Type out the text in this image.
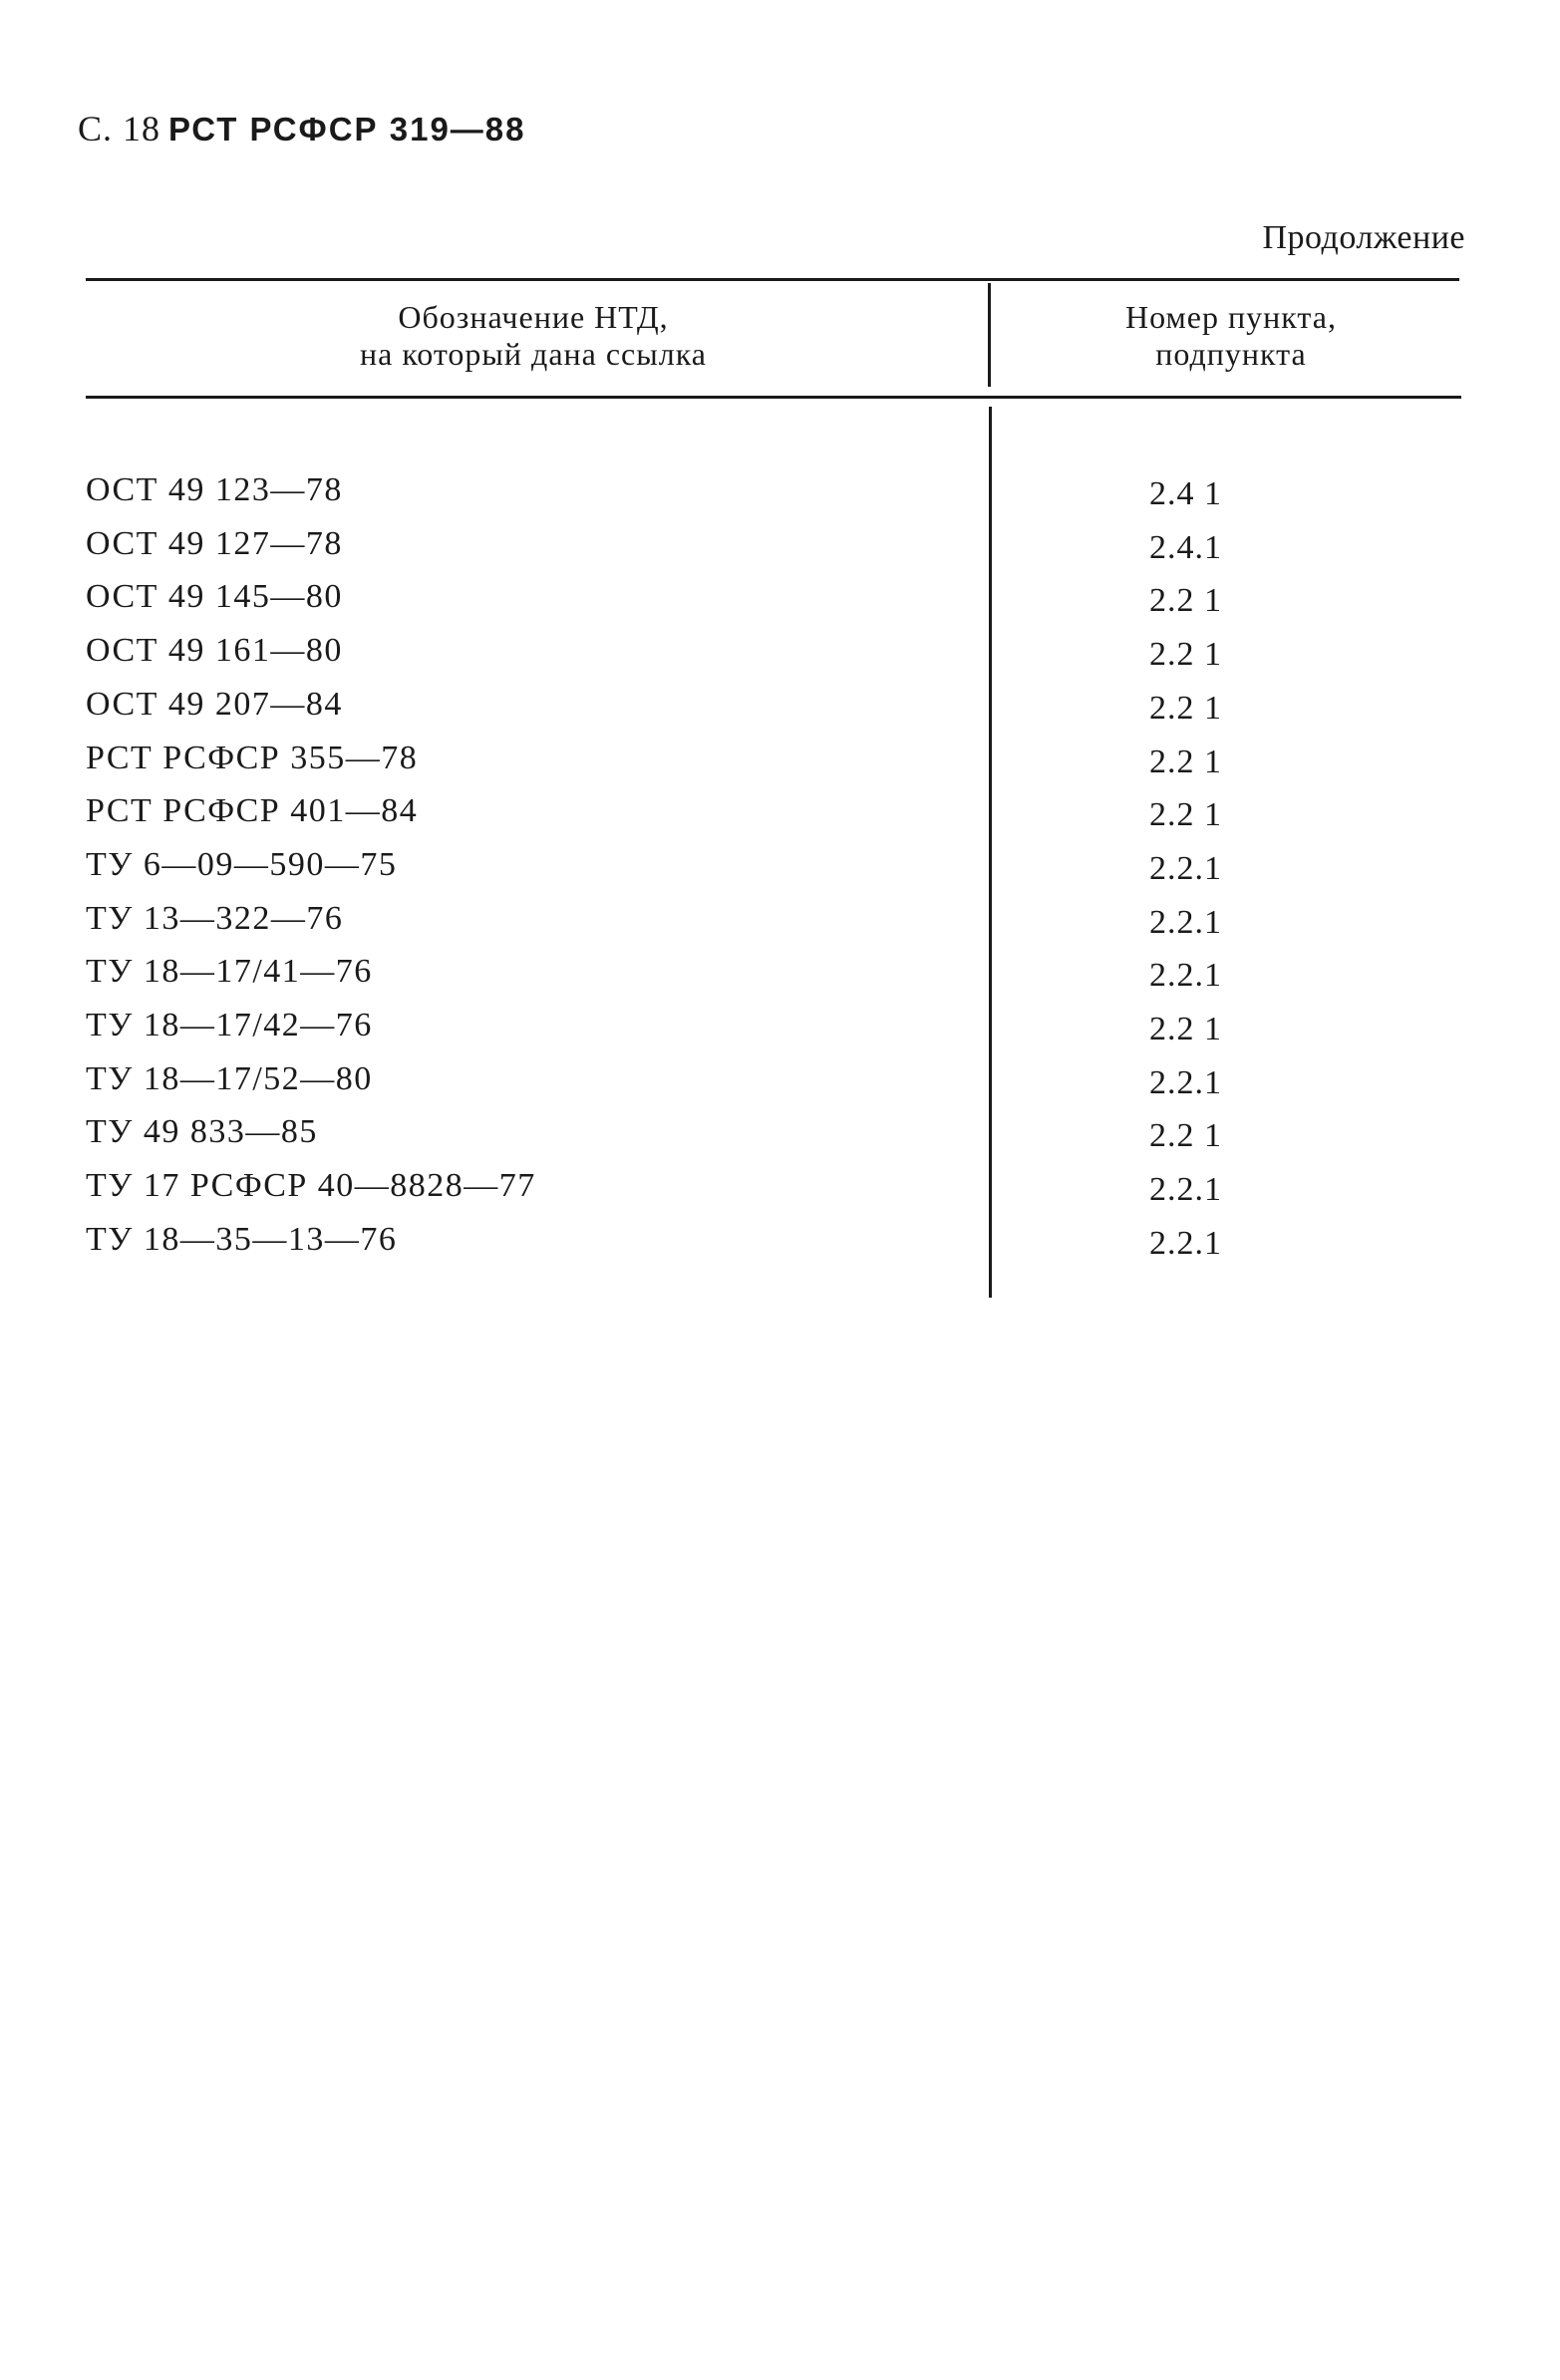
С. 18 РСТ РСФСР 319—88
Продолжение
Обозначение НТД,
на который дана ссылка
Номер пункта,
подпункта
ОСТ 49 123—78	2.4 1
ОСТ 49 127—78	2.4.1
ОСТ 49 145—80	2.2 1
ОСТ 49 161—80	2.2 1
ОСТ 49 207—84	2.2 1
РСТ РСФСР 355—78	2.2 1
РСТ РСФСР 401—84	2.2 1
ТУ 6—09—590—75	2.2.1
ТУ 13—322—76	2.2.1
ТУ 18—17/41—76	2.2.1
ТУ 18—17/42—76	2.2 1
ТУ 18—17/52—80	2.2.1
ТУ 49 833—85	2.2 1
ТУ 17 РСФСР 40—8828—77	2.2.1
ТУ 18—35—13—76	2.2.1
